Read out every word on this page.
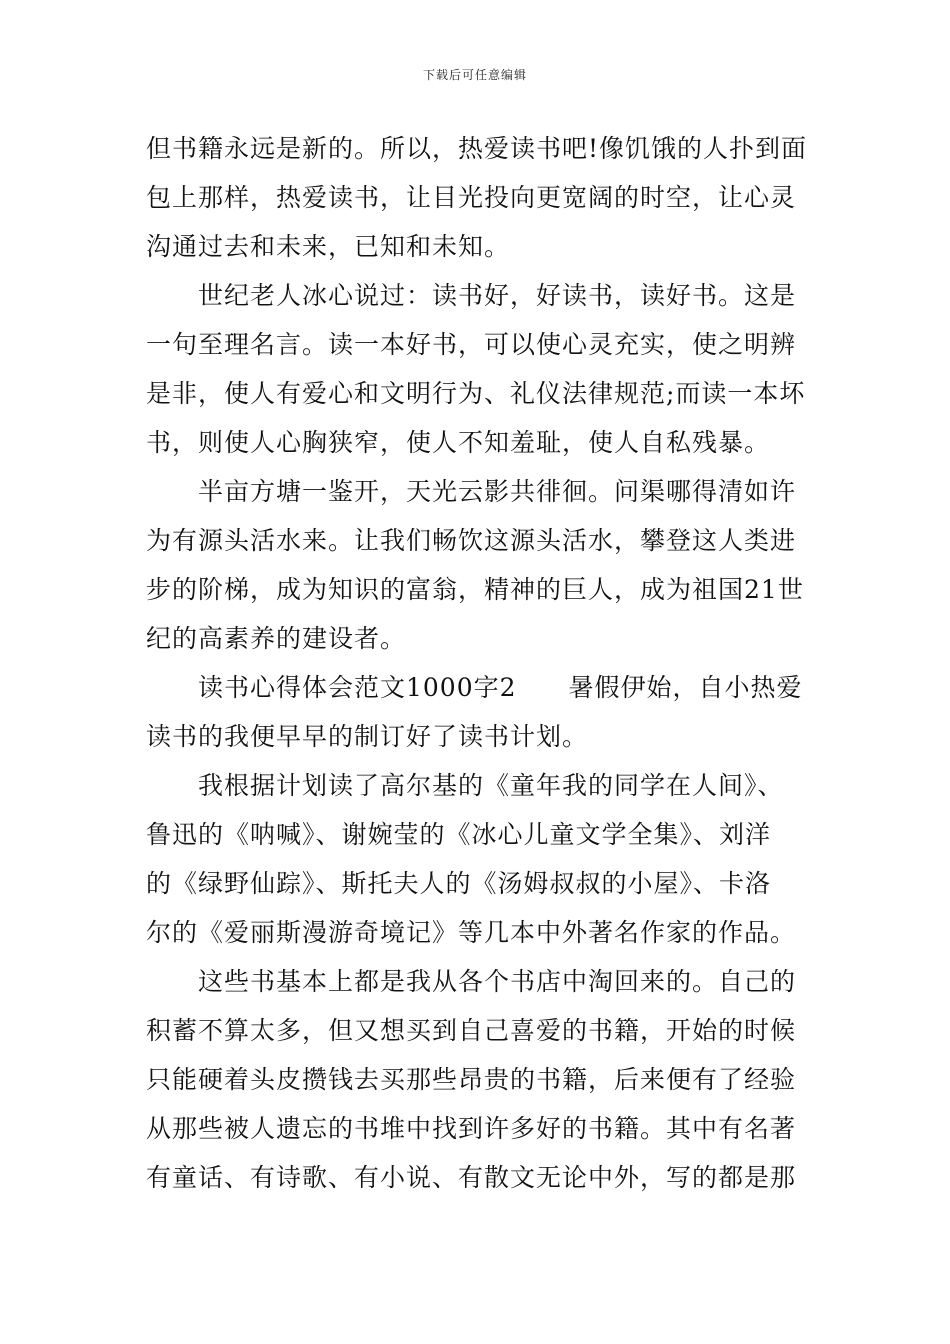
下载后可任意编辑
但书籍永远是新的。所以，热爱读书吧!像饥饿的人扑到面
包上那样，热爱读书，让目光投向更宽阔的时空，让心灵
沟通过去和未来，已知和未知。
世纪老人冰心说过：读书好，好读书，读好书。这是
一句至理名言。读一本好书，可以使心灵充实，使之明辨
是非，使人有爱心和文明行为、礼仪法律规范;而读一本坏
书，则使人心胸狭窄，使人不知羞耻，使人自私残暴。
半亩方塘一鉴开，天光云影共徘徊。问渠哪得清如许
为有源头活水来。让我们畅饮这源头活水，攀登这人类进
步的阶梯，成为知识的富翁，精神的巨人，成为祖国21世
纪的高素养的建设者。
读书心得体会范文1000字2　　暑假伊始，自小热爱
读书的我便早早的制订好了读书计划。
我根据计划读了高尔基的《童年我的同学在人间》、
鲁迅的《呐喊》、谢婉莹的《冰心儿童文学全集》、刘洋
的《绿野仙踪》、斯托夫人的《汤姆叔叔的小屋》、卡洛
尔的《爱丽斯漫游奇境记》等几本中外著名作家的作品。
这些书基本上都是我从各个书店中淘回来的。自己的
积蓄不算太多，但又想买到自己喜爱的书籍，开始的时候
只能硬着头皮攒钱去买那些昂贵的书籍，后来便有了经验
从那些被人遗忘的书堆中找到许多好的书籍。其中有名著
有童话、有诗歌、有小说、有散文无论中外，写的都是那
